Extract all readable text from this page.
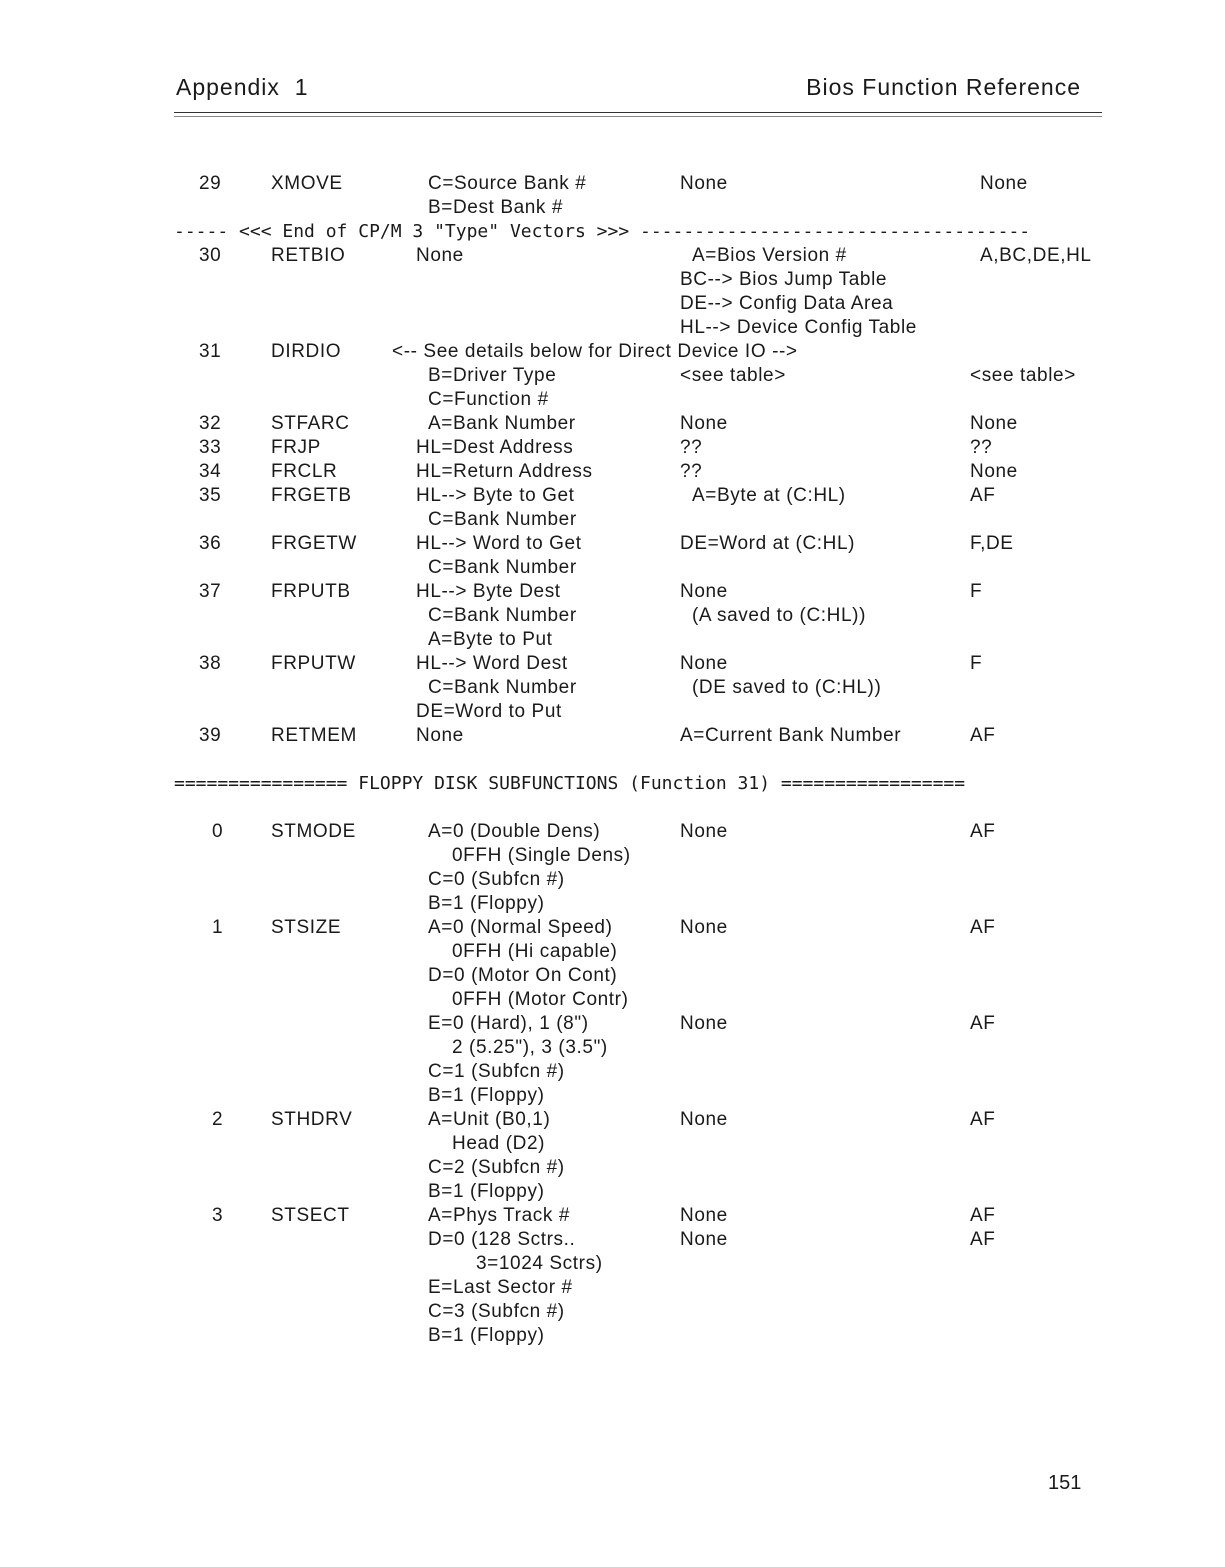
Appendix  1	Bios Function Reference
29	XMOVE	C=Source Bank #	None	None
B=Dest Bank #
----- <<< End of CP/M 3 "Type" Vectors >>> ------------------------------------
30	RETBIO	None	A=Bios Version #	A,BC,DE,HL
BC--> Bios Jump Table
DE--> Config Data Area
HL--> Device Config Table
31	DIRDIO	<-- See details below for Direct Device IO -->
B=Driver Type	<see table>	<see table>
C=Function #
32	STFARC	A=Bank Number	None	None
33	FRJP	HL=Dest Address	??	??
34	FRCLR	HL=Return Address	??	None
35	FRGETB	HL--> Byte to Get	A=Byte at (C:HL)	AF
C=Bank Number
36	FRGETW	HL--> Word to Get	DE=Word at (C:HL)	F,DE
C=Bank Number
37	FRPUTB	HL--> Byte Dest	None	F
C=Bank Number	(A saved to (C:HL))
A=Byte to Put
38	FRPUTW	HL--> Word Dest	None	F
C=Bank Number	(DE saved to (C:HL))
DE=Word to Put
39	RETMEM	None	A=Current Bank Number	AF
================ FLOPPY DISK SUBFUNCTIONS (Function 31) =================
0	STMODE	A=0 (Double Dens)	None	AF
0FFH (Single Dens)
C=0 (Subfcn #)
B=1 (Floppy)
1	STSIZE	A=0 (Normal Speed)	None	AF
0FFH (Hi capable)
D=0 (Motor On Cont)
0FFH (Motor Contr)
E=0 (Hard), 1 (8")	None	AF
2 (5.25"), 3 (3.5")
C=1 (Subfcn #)
B=1 (Floppy)
2	STHDRV	A=Unit (B0,1)	None	AF
Head (D2)
C=2 (Subfcn #)
B=1 (Floppy)
3	STSECT	A=Phys Track #	None	AF
D=0 (128 Sctrs..	None	AF
3=1024 Sctrs)
E=Last Sector #
C=3 (Subfcn #)
B=1 (Floppy)
151
